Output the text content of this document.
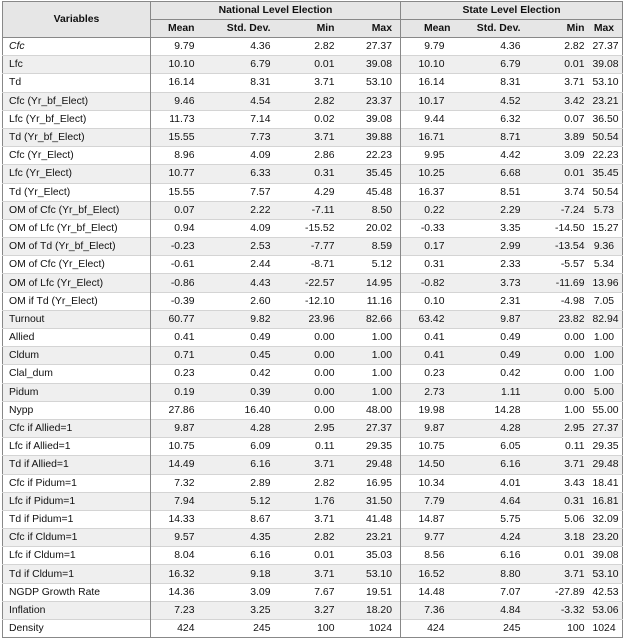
Variables	National Level Election				State Level Election			
	Mean	Std. Dev.	Min	Max	Mean	Std. Dev.	Min	Max
Cfc	9.79	4.36	2.82	27.37	9.79	4.36	2.82	27.37
Lfc	10.10	6.79	0.01	39.08	10.10	6.79	0.01	39.08
Td	16.14	8.31	3.71	53.10	16.14	8.31	3.71	53.10
Cfc (Yr_bf_Elect)	9.46	4.54	2.82	23.37	10.17	4.52	3.42	23.21
Lfc (Yr_bf_Elect)	11.73	7.14	0.02	39.08	9.44	6.32	0.07	36.50
Td (Yr_bf_Elect)	15.55	7.73	3.71	39.88	16.71	8.71	3.89	50.54
Cfc (Yr_Elect)	8.96	4.09	2.86	22.23	9.95	4.42	3.09	22.23
Lfc (Yr_Elect)	10.77	6.33	0.31	35.45	10.25	6.68	0.01	35.45
Td (Yr_Elect)	15.55	7.57	4.29	45.48	16.37	8.51	3.74	50.54
OM of Cfc (Yr_bf_Elect)	0.07	2.22	-7.11	8.50	0.22	2.29	-7.24	5.73
OM of Lfc (Yr_bf_Elect)	0.94	4.09	-15.52	20.02	-0.33	3.35	-14.50	15.27
OM of Td (Yr_bf_Elect)	-0.23	2.53	-7.77	8.59	0.17	2.99	-13.54	9.36
OM of Cfc (Yr_Elect)	-0.61	2.44	-8.71	5.12	0.31	2.33	-5.57	5.34
OM of Lfc (Yr_Elect)	-0.86	4.43	-22.57	14.95	-0.82	3.73	-11.69	13.96
OM if Td (Yr_Elect)	-0.39	2.60	-12.10	11.16	0.10	2.31	-4.98	7.05
Turnout	60.77	9.82	23.96	82.66	63.42	9.87	23.82	82.94
Allied	0.41	0.49	0.00	1.00	0.41	0.49	0.00	1.00
Cldum	0.71	0.45	0.00	1.00	0.41	0.49	0.00	1.00
Clal_dum	0.23	0.42	0.00	1.00	0.23	0.42	0.00	1.00
Pidum	0.19	0.39	0.00	1.00	2.73	1.11	0.00	5.00
Nypp	27.86	16.40	0.00	48.00	19.98	14.28	1.00	55.00
Cfc if Allied=1	9.87	4.28	2.95	27.37	9.87	4.28	2.95	27.37
Lfc if Allied=1	10.75	6.09	0.11	29.35	10.75	6.05	0.11	29.35
Td if Allied=1	14.49	6.16	3.71	29.48	14.50	6.16	3.71	29.48
Cfc if Pidum=1	7.32	2.89	2.82	16.95	10.34	4.01	3.43	18.41
Lfc if Pidum=1	7.94	5.12	1.76	31.50	7.79	4.64	0.31	16.81
Td if Pidum=1	14.33	8.67	3.71	41.48	14.87	5.75	5.06	32.09
Cfc if Cldum=1	9.57	4.35	2.82	23.21	9.77	4.24	3.18	23.20
Lfc if Cldum=1	8.04	6.16	0.01	35.03	8.56	6.16	0.01	39.08
Td if Cldum=1	16.32	9.18	3.71	53.10	16.52	8.80	3.71	53.10
NGDP Growth Rate	14.36	3.09	7.67	19.51	14.48	7.07	-27.89	42.53
Inflation	7.23	3.25	3.27	18.20	7.36	4.84	-3.32	53.06
Density	424	245	100	1024	424	245	100	1024
